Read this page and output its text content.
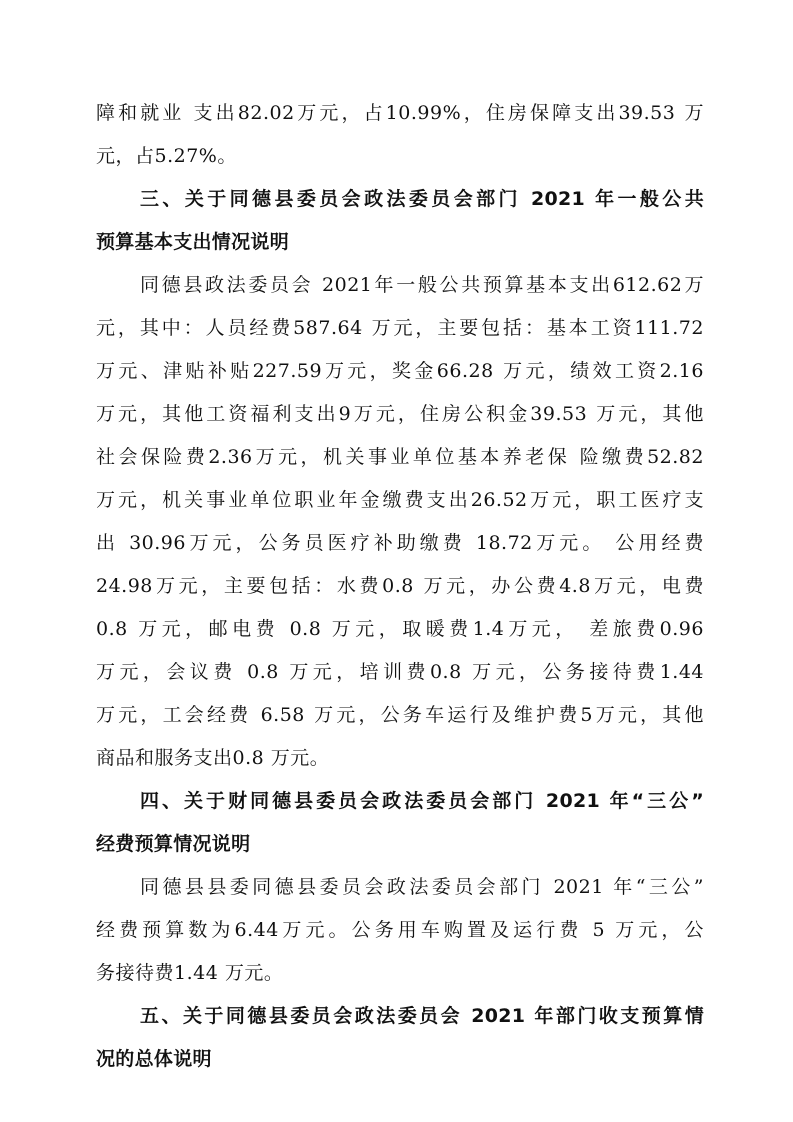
障和就业 支出82.02万元，占10.99%，住房保障支出39.53 万
元，占5.27%。
三、关于同德县委员会政法委员会部门 2021 年一般公共
预算基本支出情况说明
同德县政法委员会 2021年一般公共预算基本支出612.62万
元，其中：人员经费587.64 万元，主要包括：基本工资111.72
万元、津贴补贴227.59万元，奖金66.28 万元，绩效工资2.16
万元，其他工资福利支出9万元，住房公积金39.53 万元，其他
社会保险费2.36万元，机关事业单位基本养老保 险缴费52.82
万元，机关事业单位职业年金缴费支出26.52万元，职工医疗支
出 30.96万元，公务员医疗补助缴费 18.72万元。 公用经费
24.98万元，主要包括：水费0.8 万元，办公费4.8万元，电费
0.8 万元，邮电费 0.8 万元，取暖费1.4万元， 差旅费0.96
万元，会议费 0.8 万元，培训费0.8 万元，公务接待费1.44
万元，工会经费 6.58 万元，公务车运行及维护费5万元，其他
商品和服务支出0.8 万元。
四、关于财同德县委员会政法委员会部门 2021 年“三公”
经费预算情况说明
同德县县委同德县委员会政法委员会部门 2021 年“三公”
经费预算数为6.44万元。公务用车购置及运行费 5 万元，公
务接待费1.44 万元。
五、关于同德县委员会政法委员会 2021 年部门收支预算情
况的总体说明
